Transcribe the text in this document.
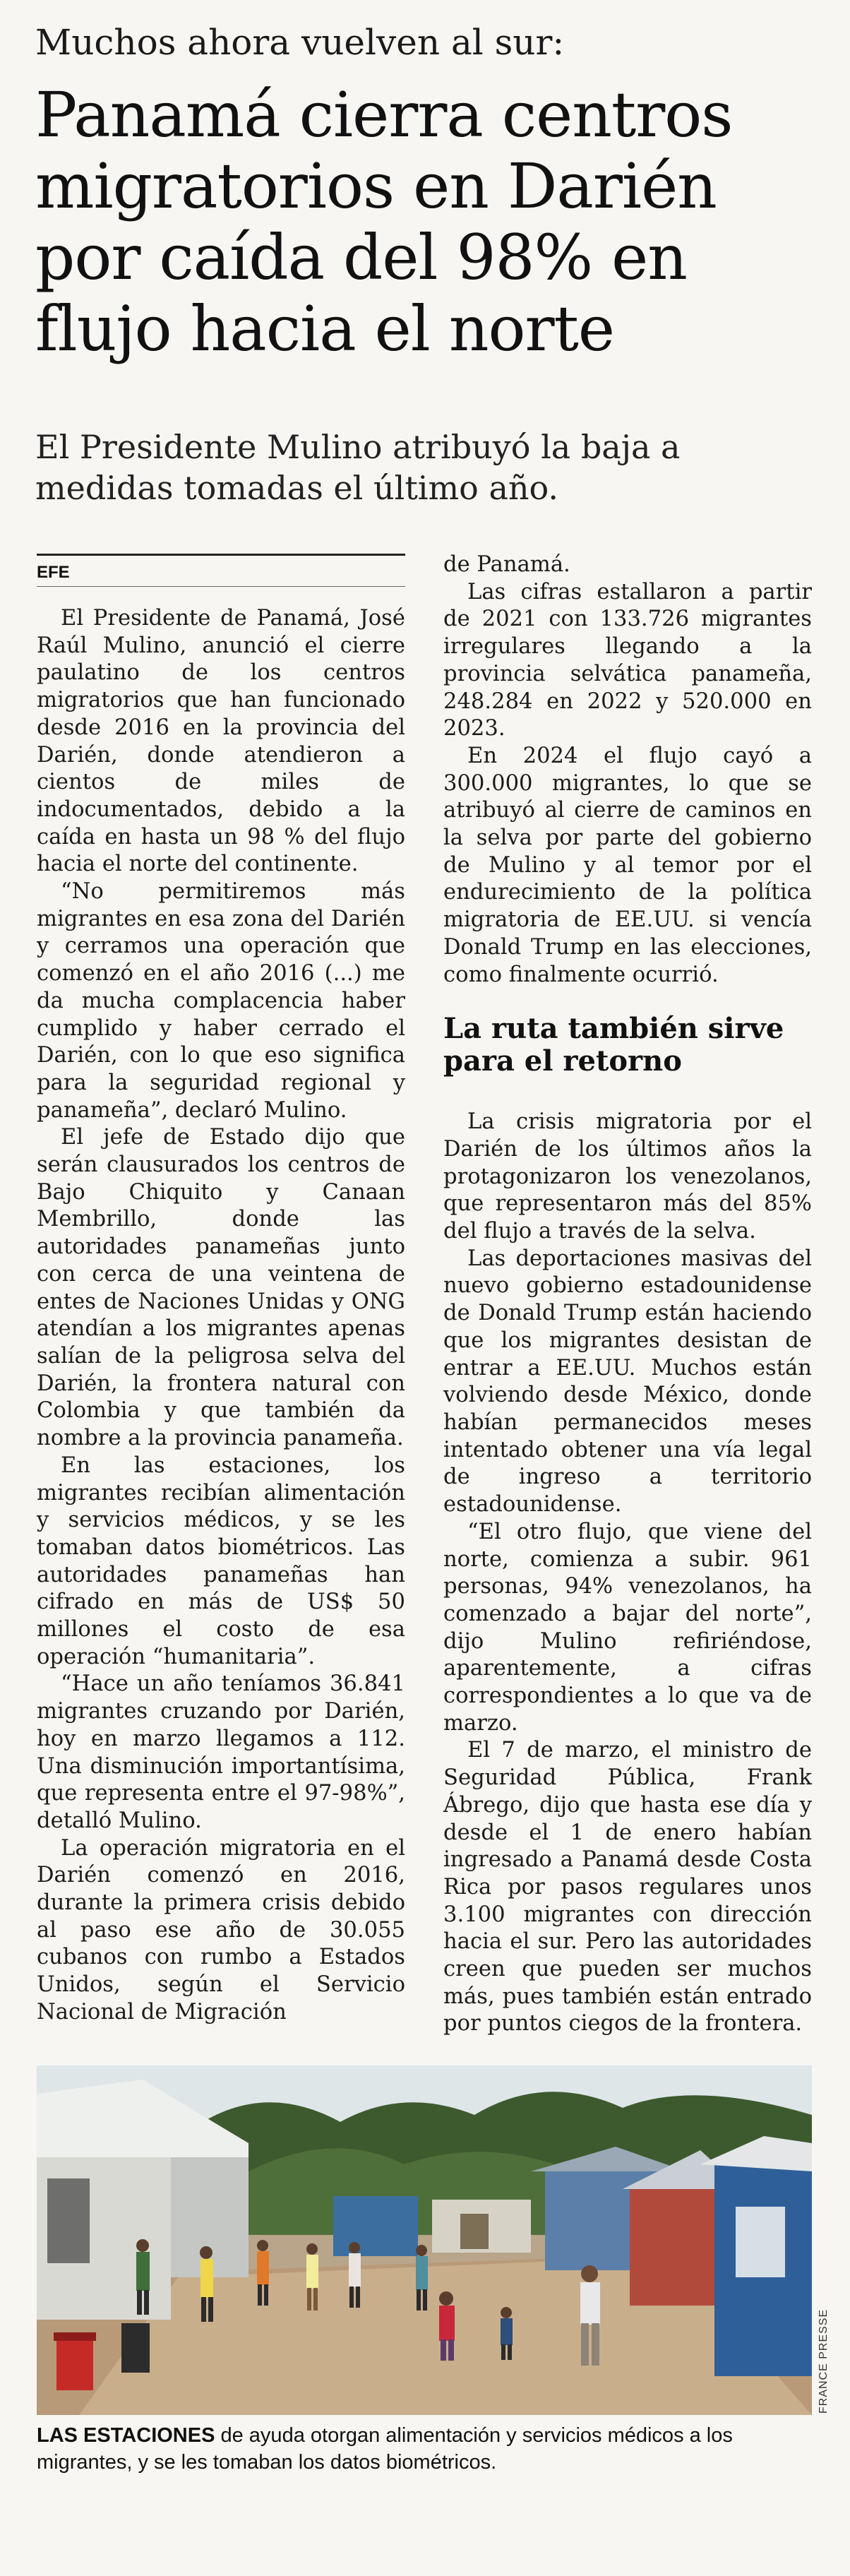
Muchos ahora vuelven al sur:
Panamá cierra centros migratorios en Darién por caída del 98% en flujo hacia el norte
El Presidente Mulino atribuyó la baja a medidas tomadas el último año.
EFE

El Presidente de Panamá, José Raúl Mulino, anunció el cierre paulatino de los centros migratorios que han funcionado desde 2016 en la provincia del Darién, donde atendieron a cientos de miles de indocumentados, debido a la caída en hasta un 98 % del flujo hacia el norte del continente.

“No permitiremos más migrantes en esa zona del Darién y cerramos una operación que comenzó en el año 2016 (...) me da mucha complacencia haber cumplido y haber cerrado el Darién, con lo que eso significa para la seguridad regional y panameña”, declaró Mulino.

El jefe de Estado dijo que serán clausurados los centros de Bajo Chiquito y Canaan Membrillo, donde las autoridades panameñas junto con cerca de una veintena de entes de Naciones Unidas y ONG atendían a los migrantes apenas salían de la peligrosa selva del Darién, la frontera natural con Colombia y que también da nombre a la provincia panameña.

En las estaciones, los migrantes recibían alimentación y servicios médicos, y se les tomaban datos biométricos. Las autoridades panameñas han cifrado en más de US$ 50 millones el costo de esa operación “humanitaria”.

“Hace un año teníamos 36.841 migrantes cruzando por Darién, hoy en marzo llegamos a 112. Una disminución importantísima, que representa entre el 97-98%”, detalló Mulino.

La operación migratoria en el Darién comenzó en 2016, durante la primera crisis debido al paso ese año de 30.055 cubanos con rumbo a Estados Unidos, según el Servicio Nacional de Migración

de Panamá.

Las cifras estallaron a partir de 2021 con 133.726 migrantes irregulares llegando a la provincia selvática panameña, 248.284 en 2022 y 520.000 en 2023.

En 2024 el flujo cayó a 300.000 migrantes, lo que se atribuyó al cierre de caminos en la selva por parte del gobierno de Mulino y al temor por el endurecimiento de la política migratoria de EE.UU. si vencía Donald Trump en las elecciones, como finalmente ocurrió.

La ruta también sirve para el retorno

La crisis migratoria por el Darién de los últimos años la protagonizaron los venezolanos, que representaron más del 85% del flujo a través de la selva.

Las deportaciones masivas del nuevo gobierno estadounidense de Donald Trump están haciendo que los migrantes desistan de entrar a EE.UU. Muchos están volviendo desde México, donde habían permanecidos meses intentado obtener una vía legal de ingreso a territorio estadounidense.

“El otro flujo, que viene del norte, comienza a subir. 961 personas, 94% venezolanos, ha comenzado a bajar del norte”, dijo Mulino refiriéndose, aparentemente, a cifras correspondientes a lo que va de marzo.

El 7 de marzo, el ministro de Seguridad Pública, Frank Ábrego, dijo que hasta ese día y desde el 1 de enero habían ingresado a Panamá desde Costa Rica por pasos regulares unos 3.100 migrantes con dirección hacia el sur. Pero las autoridades creen que pueden ser muchos más, pues también están entrado por puntos ciegos de la frontera.

FRANCE PRESSE
LAS ESTACIONES de ayuda otorgan alimentación y servicios médicos a los migrantes, y se les tomaban los datos biométricos.
